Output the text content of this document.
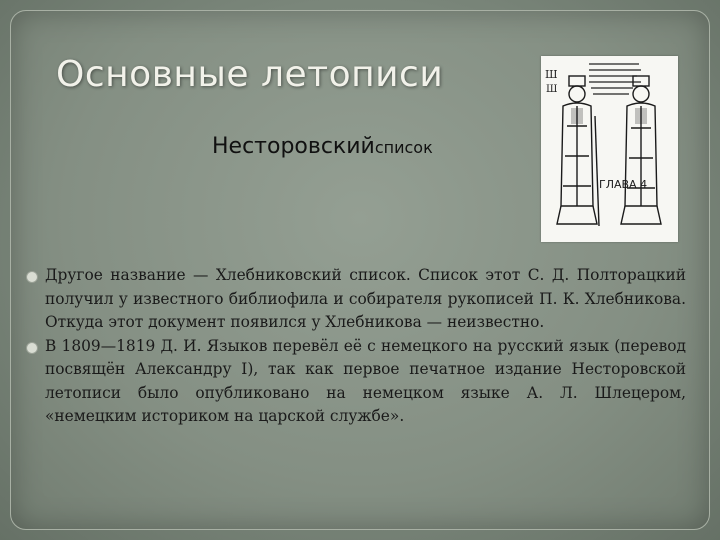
Основные летописи

Несторовскийсписок

Ш
Ш
ГЛАВА 4
Другое название — Хлебниковский список. Список этот С. Д. Полторацкий получил у известного библиофила и собирателя рукописей П. К. Хлебникова. Откуда этот документ появился у Хлебникова — неизвестно.
В 1809—1819 Д. И. Языков перевёл её с немецкого на русский язык (перевод посвящён Александру I), так как первое печатное издание Несторовской летописи было опубликовано на немецком языке А. Л. Шлецером, «немецким историком на царской службе».
